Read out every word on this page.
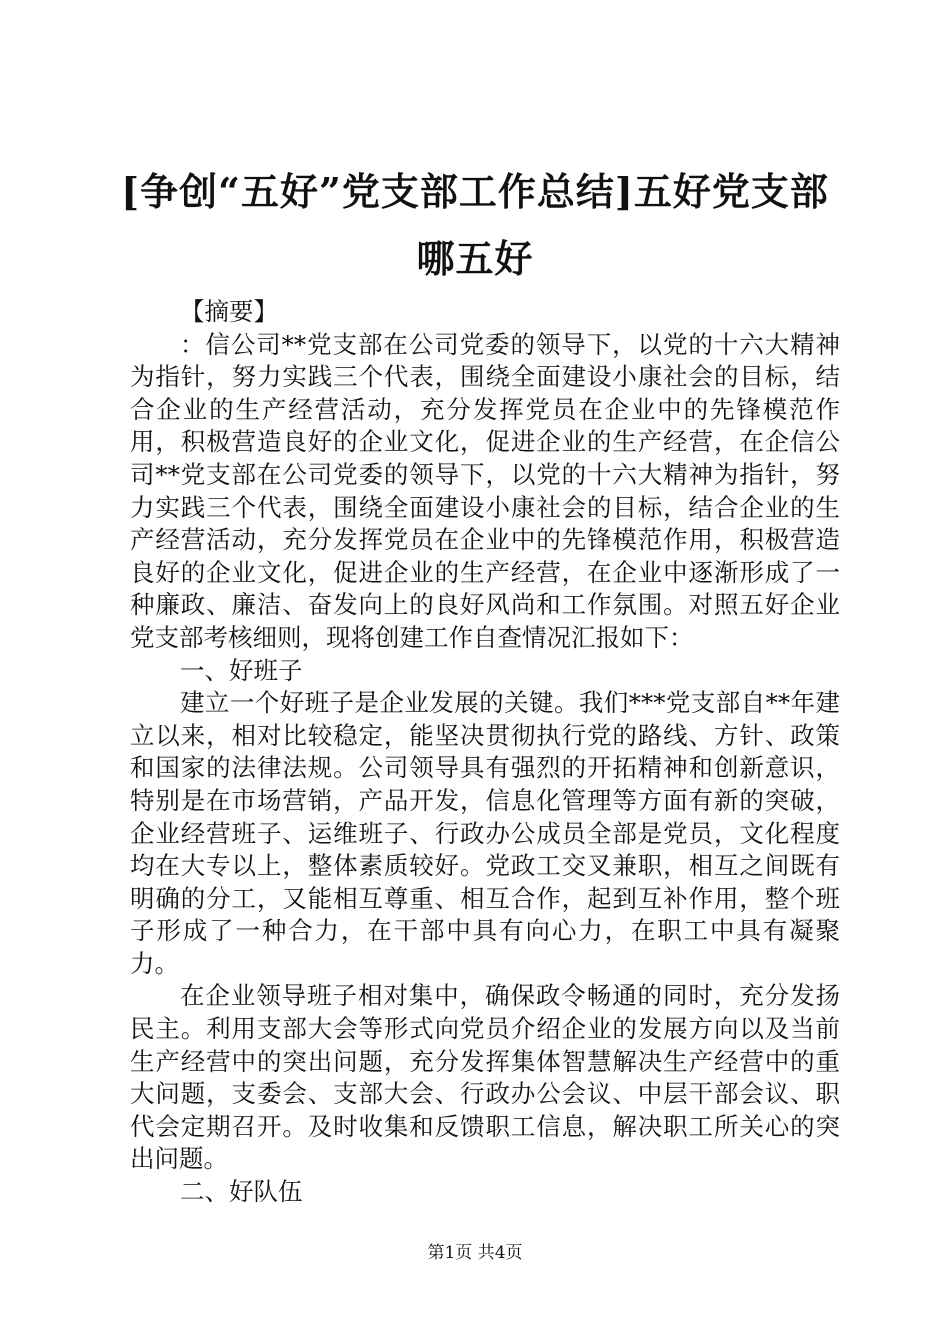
[争创“五好”党支部工作总结]五好党支部哪五好

【摘要】

：信公司**党支部在公司党委的领导下，以党的十六大精神为指针，努力实践三个代表，围绕全面建设小康社会的目标，结合企业的生产经营活动，充分发挥党员在企业中的先锋模范作用，积极营造良好的企业文化，促进企业的生产经营，在企信公司**党支部在公司党委的领导下，以党的十六大精神为指针，努力实践三个代表，围绕全面建设小康社会的目标，结合企业的生产经营活动，充分发挥党员在企业中的先锋模范作用，积极营造良好的企业文化，促进企业的生产经营，在企业中逐渐形成了一种廉政、廉洁、奋发向上的良好风尚和工作氛围。对照五好企业党支部考核细则，现将创建工作自查情况汇报如下：

一、好班子

建立一个好班子是企业发展的关键。我们***党支部自**年建立以来，相对比较稳定，能坚决贯彻执行党的路线、方针、政策和国家的法律法规。公司领导具有强烈的开拓精神和创新意识，特别是在市场营销，产品开发，信息化管理等方面有新的突破，企业经营班子、运维班子、行政办公成员全部是党员，文化程度均在大专以上，整体素质较好。党政工交叉兼职，相互之间既有明确的分工，又能相互尊重、相互合作，起到互补作用，整个班子形成了一种合力，在干部中具有向心力，在职工中具有凝聚力。

在企业领导班子相对集中，确保政令畅通的同时，充分发扬民主。利用支部大会等形式向党员介绍企业的发展方向以及当前生产经营中的突出问题，充分发挥集体智慧解决生产经营中的重大问题，支委会、支部大会、行政办公会议、中层干部会议、职代会定期召开。及时收集和反馈职工信息，解决职工所关心的突出问题。

二、好队伍

第1页 共4页
